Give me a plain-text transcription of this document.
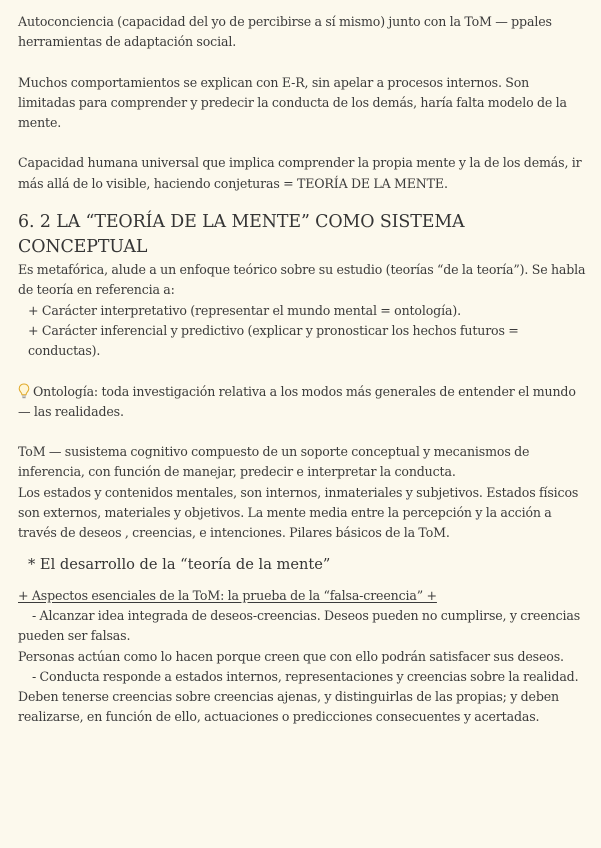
Autoconciencia (capacidad del yo de percibirse a sí mismo) junto con la ToM — ppales herramientas de adaptación social.

Muchos comportamientos se explican con E-R, sin apelar a procesos internos. Son limitadas para comprender y predecir la conducta de los demás, haría falta modelo de la mente.

Capacidad humana universal que implica comprender la propia mente y la de los demás, ir más allá de lo visible, haciendo conjeturas = TEORÍA DE LA MENTE.

6. 2 LA “TEORÍA DE LA MENTE” COMO SISTEMA CONCEPTUAL

Es metafórica, alude a un enfoque teórico sobre su estudio (teorías “de la teoría”). Se habla de teoría en referencia a:

+ Carácter interpretativo (representar el mundo mental = ontología).

+ Carácter inferencial y predictivo (explicar y pronosticar los hechos futuros = conductas).

Ontología: toda investigación relativa a los modos más generales de entender el mundo — las realidades.

ToM — susistema cognitivo compuesto de un soporte conceptual y mecanismos de inferencia, con función de manejar, predecir e interpretar la conducta.

Los estados y contenidos mentales, son internos, inmateriales y subjetivos. Estados físicos son externos, materiales y objetivos. La mente media entre la percepción y la acción a través de deseos , creencias, e intenciones. Pilares básicos de la ToM.

* El desarrollo de la “teoría de la mente”

+ Aspectos esenciales de la ToM: la prueba de la “falsa-creencia” +

- Alcanzar idea integrada de deseos-creencias. Deseos pueden no cumplirse, y creencias pueden ser falsas.

Personas actúan como lo hacen porque creen que con ello podrán satisfacer sus deseos.

- Conducta responde a estados internos, representaciones y creencias sobre la realidad. Deben tenerse creencias sobre creencias ajenas, y distinguirlas de las propias; y deben realizarse, en función de ello, actuaciones o predicciones consecuentes y acertadas.
